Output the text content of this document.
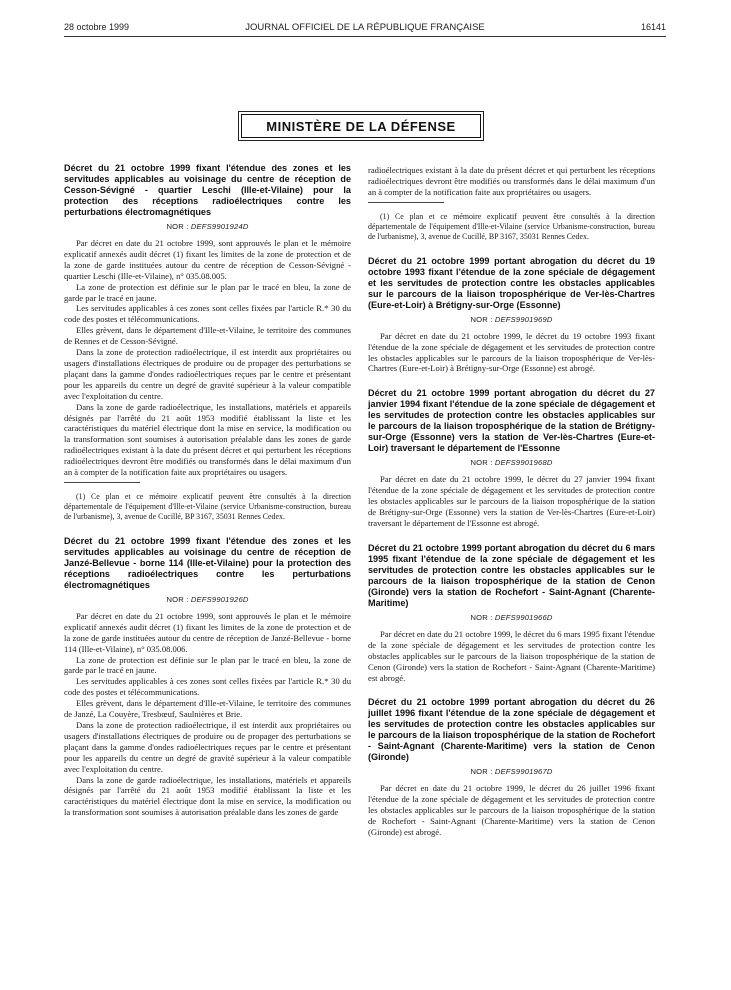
28 octobre 1999	JOURNAL OFFICIEL DE LA RÉPUBLIQUE FRANÇAISE	16141
MINISTÈRE DE LA DÉFENSE
Décret du 21 octobre 1999 fixant l'étendue des zones et les servitudes applicables au voisinage du centre de réception de Cesson-Sévigné - quartier Leschi (Ille-et-Vilaine) pour la protection des réceptions radioélectriques contre les perturbations électromagnétiques
NOR : DEFS9901924D

Par décret en date du 21 octobre 1999, sont approuvés le plan et le mémoire explicatif annexés audit décret (1) fixant les limites de la zone de protection et de la zone de garde instituées autour du centre de réception de Cesson-Sévigné - quartier Leschi (Ille-et-Vilaine), n° 035.08.005.

La zone de protection est définie sur le plan par le tracé en bleu, la zone de garde par le tracé en jaune.

Les servitudes applicables à ces zones sont celles fixées par l'article R.* 30 du code des postes et télécommunications.

Elles grèvent, dans le département d'Ille-et-Vilaine, le territoire des communes de Rennes et de Cesson-Sévigné.

Dans la zone de protection radioélectrique, il est interdit aux propriétaires ou usagers d'installations électriques de produire ou de propager des perturbations se plaçant dans la gamme d'ondes radioélectriques reçues par le centre et présentant pour les appareils du centre un degré de gravité supérieur à la valeur compatible avec l'exploitation du centre.

Dans la zone de garde radioélectrique, les installations, matériels et appareils désignés par l'arrêté du 21 août 1953 modifié établissant la liste et les caractéristiques du matériel électrique dont la mise en service, la modification ou la transformation sont soumises à autorisation préalable dans les zones de garde radioélectriques existant à la date du présent décret et qui perturbent les réceptions radioélectriques devront être modifiés ou transformés dans le délai maximum d'un an à compter de la notification faite aux propriétaires ou usagers.

(1) Ce plan et ce mémoire explicatif peuvent être consultés à la direction départementale de l'équipement d'Ille-et-Vilaine (service Urbanisme-construction, bureau de l'urbanisme), 3, avenue de Cucillé, BP 3167, 35031 Rennes Cedex.

Décret du 21 octobre 1999 fixant l'étendue des zones et les servitudes applicables au voisinage du centre de réception de Janzé-Bellevue - borne 114 (Ille-et-Vilaine) pour la protection des réceptions radioélectriques contre les perturbations électromagnétiques
NOR : DEFS9901926D

Par décret en date du 21 octobre 1999, sont approuvés le plan et le mémoire explicatif annexés audit décret (1) fixant les limites de la zone de protection et de la zone de garde instituées autour du centre de réception de Janzé-Bellevue - borne 114 (Ille-et-Vilaine), n° 035.08.006.

La zone de protection est définie sur le plan par le tracé en bleu, la zone de garde par le tracé en jaune.

Les servitudes applicables à ces zones sont celles fixées par l'article R.* 30 du code des postes et télécommunications.

Elles grèvent, dans le département d'Ille-et-Vilaine, le territoire des communes de Janzé, La Couyère, Tresbœuf, Saulnières et Brie.

Dans la zone de protection radioélectrique, il est interdit aux propriétaires ou usagers d'installations électriques de produire ou de propager des perturbations se plaçant dans la gamme d'ondes radioélectriques reçues par le centre et présentant pour les appareils du centre un degré de gravité supérieur à la valeur compatible avec l'exploitation du centre.

Dans la zone de garde radioélectrique, les installations, matériels et appareils désignés par l'arrêté du 21 août 1953 modifié établissant la liste et les caractéristiques du matériel électrique dont la mise en service, la modification ou la transformation sont soumises à autorisation préalable dans les zones de garde

radioélectriques existant à la date du présent décret et qui perturbent les réceptions radioélectriques devront être modifiés ou transformés dans le délai maximum d'un an à compter de la notification faite aux propriétaires ou usagers.

(1) Ce plan et ce mémoire explicatif peuvent être consultés à la direction départementale de l'équipement d'Ille-et-Vilaine (service Urbanisme-construction, bureau de l'urbanisme), 3, avenue de Cucillé, BP 3167, 35031 Rennes Cedex.

Décret du 21 octobre 1999 portant abrogation du décret du 19 octobre 1993 fixant l'étendue de la zone spéciale de dégagement et les servitudes de protection contre les obstacles applicables sur le parcours de la liaison troposphérique de Ver-lès-Chartres (Eure-et-Loir) à Brétigny-sur-Orge (Essonne)
NOR : DEFS9901969D

Par décret en date du 21 octobre 1999, le décret du 19 octobre 1993 fixant l'étendue de la zone spéciale de dégagement et les servitudes de protection contre les obstacles applicables sur le parcours de la liaison troposphérique de Ver-lès-Chartres (Eure-et-Loir) à Brétigny-sur-Orge (Essonne) est abrogé.

Décret du 21 octobre 1999 portant abrogation du décret du 27 janvier 1994 fixant l'étendue de la zone spéciale de dégagement et les servitudes de protection contre les obstacles applicables sur le parcours de la liaison troposphérique de la station de Brétigny-sur-Orge (Essonne) vers la station de Ver-lès-Chartres (Eure-et-Loir) traversant le département de l'Essonne
NOR : DEFS9901968D

Par décret en date du 21 octobre 1999, le décret du 27 janvier 1994 fixant l'étendue de la zone spéciale de dégagement et les servitudes de protection contre les obstacles applicables sur le parcours de la liaison troposphérique de la station de Brétigny-sur-Orge (Essonne) vers la station de Ver-lès-Chartres (Eure-et-Loir) traversant le département de l'Essonne est abrogé.

Décret du 21 octobre 1999 portant abrogation du décret du 6 mars 1995 fixant l'étendue de la zone spéciale de dégagement et les servitudes de protection contre les obstacles applicables sur le parcours de la liaison troposphérique de la station de Cenon (Gironde) vers la station de Rochefort - Saint-Agnant (Charente-Maritime)
NOR : DEFS9901966D

Par décret en date du 21 octobre 1999, le décret du 6 mars 1995 fixant l'étendue de la zone spéciale de dégagement et les servitudes de protection contre les obstacles applicables sur le parcours de la liaison troposphérique de la station de Cenon (Gironde) vers la station de Rochefort - Saint-Agnant (Charente-Maritime) est abrogé.

Décret du 21 octobre 1999 portant abrogation du décret du 26 juillet 1996 fixant l'étendue de la zone spéciale de dégagement et les servitudes de protection contre les obstacles applicables sur le parcours de la liaison troposphérique de la station de Rochefort - Saint-Agnant (Charente-Maritime) vers la station de Cenon (Gironde)
NOR : DEFS9901967D

Par décret en date du 21 octobre 1999, le décret du 26 juillet 1996 fixant l'étendue de la zone spéciale de dégagement et les servitudes de protection contre les obstacles applicables sur le parcours de la liaison troposphérique de la station de Rochefort - Saint-Agnant (Charente-Maritime) vers la station de Cenon (Gironde) est abrogé.
